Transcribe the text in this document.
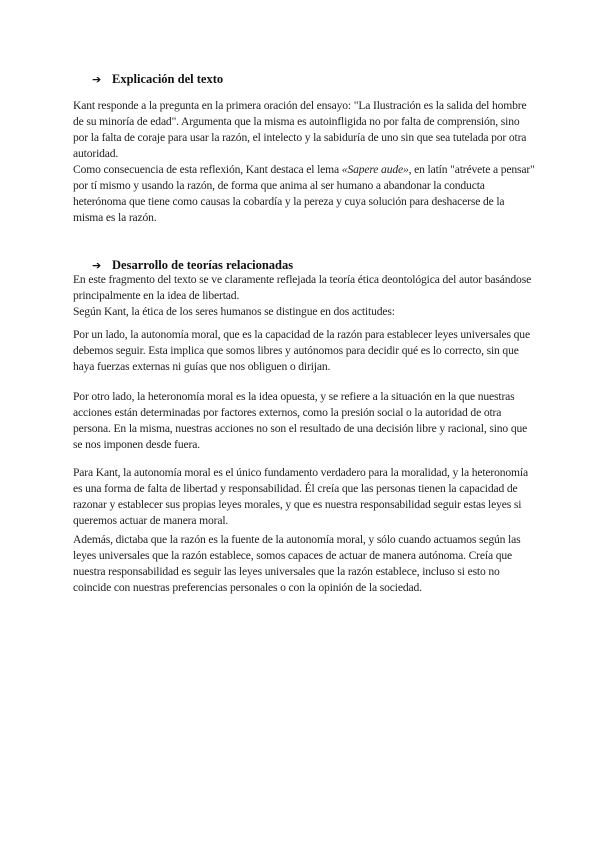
➔ Explicación del texto

Kant responde a la pregunta en la primera oración del ensayo: "La Ilustración es la salida del hombre de su minoría de edad". Argumenta que la misma es autoinfligida no por falta de comprensión, sino por la falta de coraje para usar la razón, el intelecto y la sabiduría de uno sin que sea tutelada por otra autoridad.

Como consecuencia de esta reflexión, Kant destaca el lema «Sapere aude», en latín "atrévete a pensar" por tí mismo y usando la razón, de forma que anima al ser humano a abandonar la conducta heterónoma que tiene como causas la cobardía y la pereza y cuya solución para deshacerse de la misma es la razón.

➔ Desarrollo de teorías relacionadas

En este fragmento del texto se ve claramente reflejada la teoría ética deontológica del autor basándose principalmente en la idea de libertad.

Según Kant, la ética de los seres humanos se distingue en dos actitudes:

Por un lado, la autonomía moral, que es la capacidad de la razón para establecer leyes universales que debemos seguir. Esta implica que somos libres y autónomos para decidir qué es lo correcto, sin que haya fuerzas externas ni guías que nos obliguen o dirijan.

Por otro lado, la heteronomía moral es la idea opuesta, y se refiere a la situación en la que nuestras acciones están determinadas por factores externos, como la presión social o la autoridad de otra persona. En la misma, nuestras acciones no son el resultado de una decisión libre y racional, sino que se nos imponen desde fuera.

Para Kant, la autonomía moral es el único fundamento verdadero para la moralidad, y la heteronomía es una forma de falta de libertad y responsabilidad. Él creía que las personas tienen la capacidad de razonar y establecer sus propias leyes morales, y que es nuestra responsabilidad seguir estas leyes si queremos actuar de manera moral.

Además, dictaba que la razón es la fuente de la autonomía moral, y sólo cuando actuamos según las leyes universales que la razón establece, somos capaces de actuar de manera autónoma. Creía que nuestra responsabilidad es seguir las leyes universales que la razón establece, incluso si esto no coincide con nuestras preferencias personales o con la opinión de la sociedad.
